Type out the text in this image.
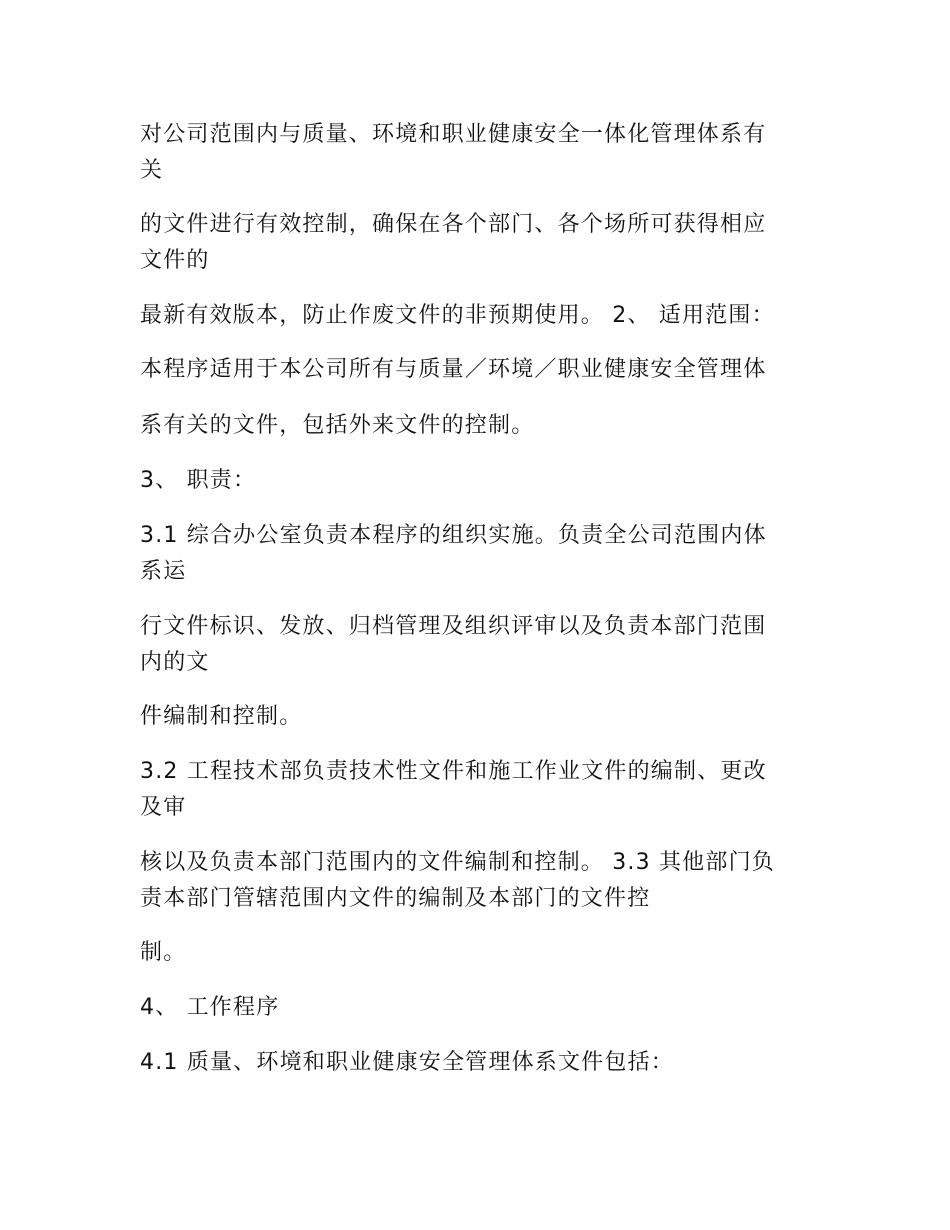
对公司范围内与质量、环境和职业健康安全一体化管理体系有
关
的文件进行有效控制，确保在各个部门、各个场所可获得相应
文件的
最新有效版本，防止作废文件的非预期使用。 2、 适用范围：
本程序适用于本公司所有与质量／环境／职业健康安全管理体
系有关的文件，包括外来文件的控制。
3、 职责：
3.1 综合办公室负责本程序的组织实施。负责全公司范围内体
系运
行文件标识、发放、归档管理及组织评审以及负责本部门范围
内的文
件编制和控制。
3.2 工程技术部负责技术性文件和施工作业文件的编制、更改
及审
核以及负责本部门范围内的文件编制和控制。 3.3 其他部门负
责本部门管辖范围内文件的编制及本部门的文件控
制。
4、 工作程序
4.1 质量、环境和职业健康安全管理体系文件包括：
